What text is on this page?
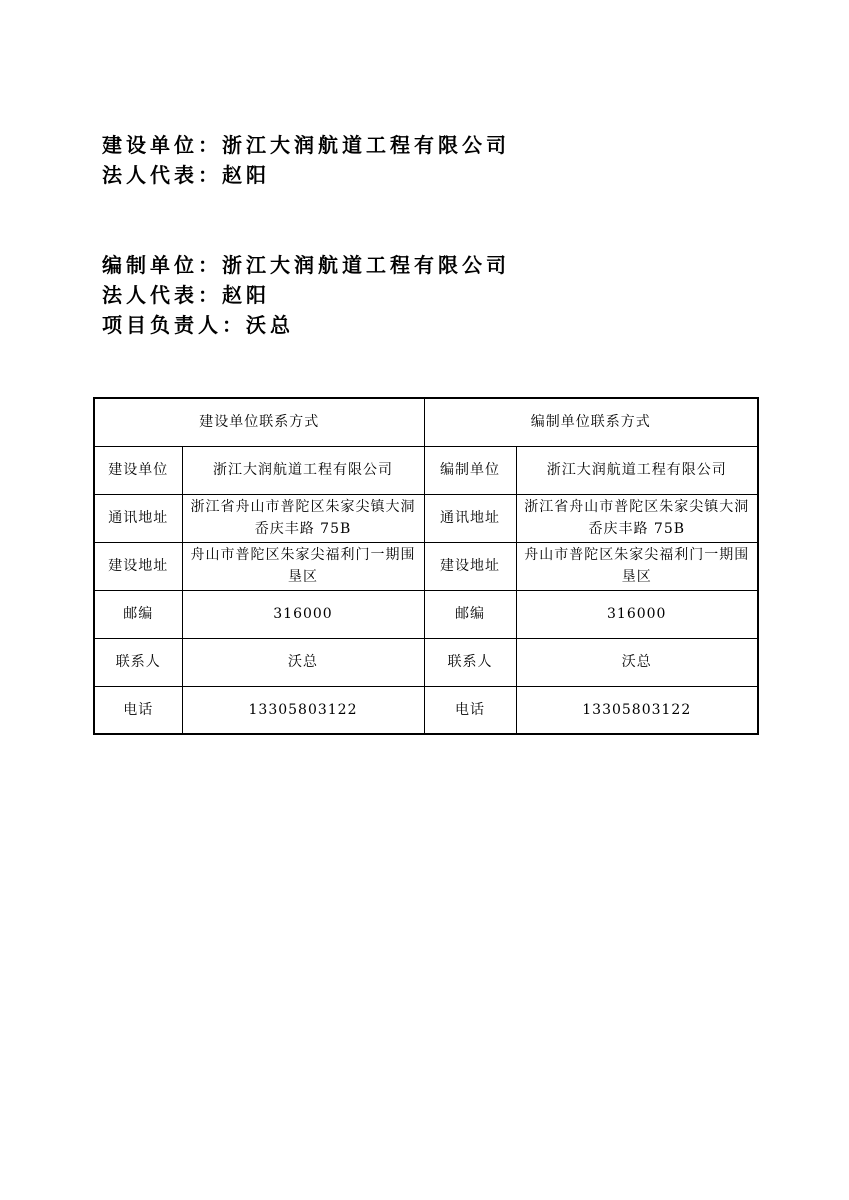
建设单位：浙江大润航道工程有限公司
法人代表：赵阳
编制单位：浙江大润航道工程有限公司
法人代表：赵阳
项目负责人：沃总
建设单位联系方式		编制单位联系方式	
建设单位	浙江大润航道工程有限公司	编制单位	浙江大润航道工程有限公司
通讯地址	浙江省舟山市普陀区朱家尖镇大洞岙庆丰路 75B	通讯地址	浙江省舟山市普陀区朱家尖镇大洞岙庆丰路 75B
建设地址	舟山市普陀区朱家尖福利门一期围垦区	建设地址	舟山市普陀区朱家尖福利门一期围垦区
邮编	316000	邮编	316000
联系人	沃总	联系人	沃总
电话	13305803122	电话	13305803122
